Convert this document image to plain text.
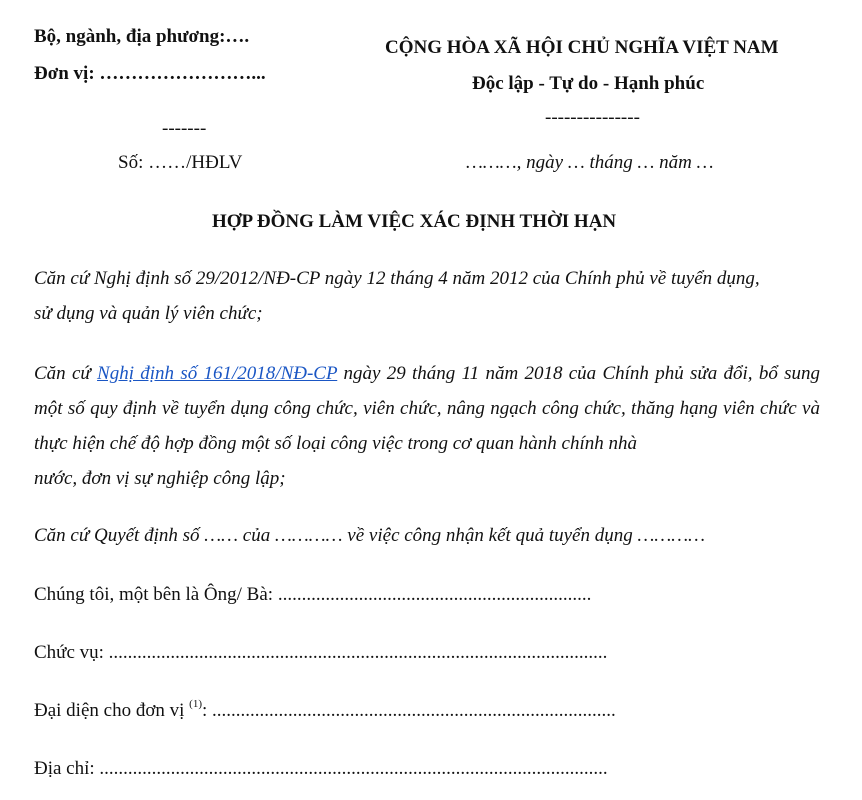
Bộ, ngành, địa phương:….
Đơn vị: ……………………...
-------
Số: ……/HĐLV
CỘNG HÒA XÃ HỘI CHỦ NGHĨA VIỆT NAM
Độc lập - Tự do - Hạnh phúc
---------------
………, ngày … tháng … năm …
HỢP ĐỒNG LÀM VIỆC XÁC ĐỊNH THỜI HẠN
Căn cứ Nghị định số 29/2012/NĐ-CP ngày 12 tháng 4 năm 2012 của Chính phủ về tuyển dụng,
sử dụng và quản lý viên chức;
Căn cứ Nghị định số 161/2018/NĐ-CP ngày 29 tháng 11 năm 2018 của Chính phủ sửa đổi, bổ sung một số quy định về tuyển dụng công chức, viên chức, nâng ngạch công chức, thăng hạng viên chức và thực hiện chế độ hợp đồng một số loại công việc trong cơ quan hành chính nhà
nước, đơn vị sự nghiệp công lập;
Căn cứ Quyết định số …… của ………… về việc công nhận kết quả tuyển dụng …………
Chúng tôi, một bên là Ông/ Bà: ..................................................................
Chức vụ: .........................................................................................................
Đại diện cho đơn vị $^{(1)}$: .....................................................................................
Địa chỉ: ...........................................................................................................
